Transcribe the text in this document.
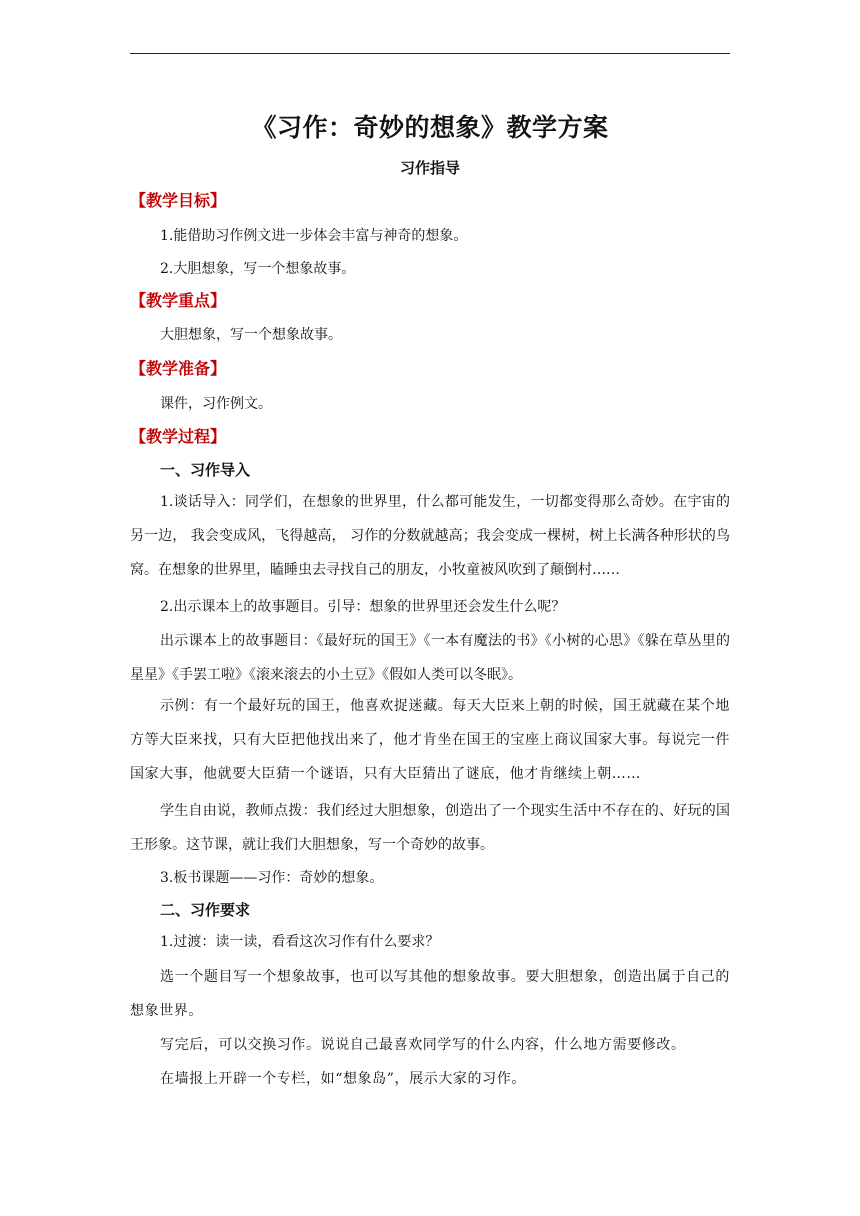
《习作：奇妙的想象》教学方案
习作指导
【教学目标】
1.能借助习作例文进一步体会丰富与神奇的想象。
2.大胆想象，写一个想象故事。
【教学重点】
大胆想象，写一个想象故事。
【教学准备】
课件，习作例文。
【教学过程】
一、习作导入
1.谈话导入：同学们，在想象的世界里，什么都可能发生，一切都变得那么奇妙。在宇宙的另一边， 我会变成风，飞得越高， 习作的分数就越高；我会变成一棵树，树上长满各种形状的鸟窝。在想象的世界里，瞌睡虫去寻找自己的朋友，小牧童被风吹到了颠倒村……
2.出示课本上的故事题目。引导：想象的世界里还会发生什么呢？
出示课本上的故事题目：《最好玩的国王》《一本有魔法的书》《小树的心思》《躲在草丛里的星星》《手罢工啦》《滚来滚去的小土豆》《假如人类可以冬眠》。
示例：有一个最好玩的国王，他喜欢捉迷藏。每天大臣来上朝的时候，国王就藏在某个地方等大臣来找，只有大臣把他找出来了，他才肯坐在国王的宝座上商议国家大事。每说完一件国家大事，他就要大臣猜一个谜语，只有大臣猜出了谜底，他才肯继续上朝……
学生自由说，教师点拨：我们经过大胆想象，创造出了一个现实生活中不存在的、好玩的国王形象。这节课，就让我们大胆想象，写一个奇妙的故事。
3.板书课题——习作：奇妙的想象。
二、习作要求
1.过渡：读一读，看看这次习作有什么要求？
选一个题目写一个想象故事，也可以写其他的想象故事。要大胆想象，创造出属于自己的想象世界。
写完后，可以交换习作。说说自己最喜欢同学写的什么内容，什么地方需要修改。
在墙报上开辟一个专栏，如“想象岛”，展示大家的习作。
